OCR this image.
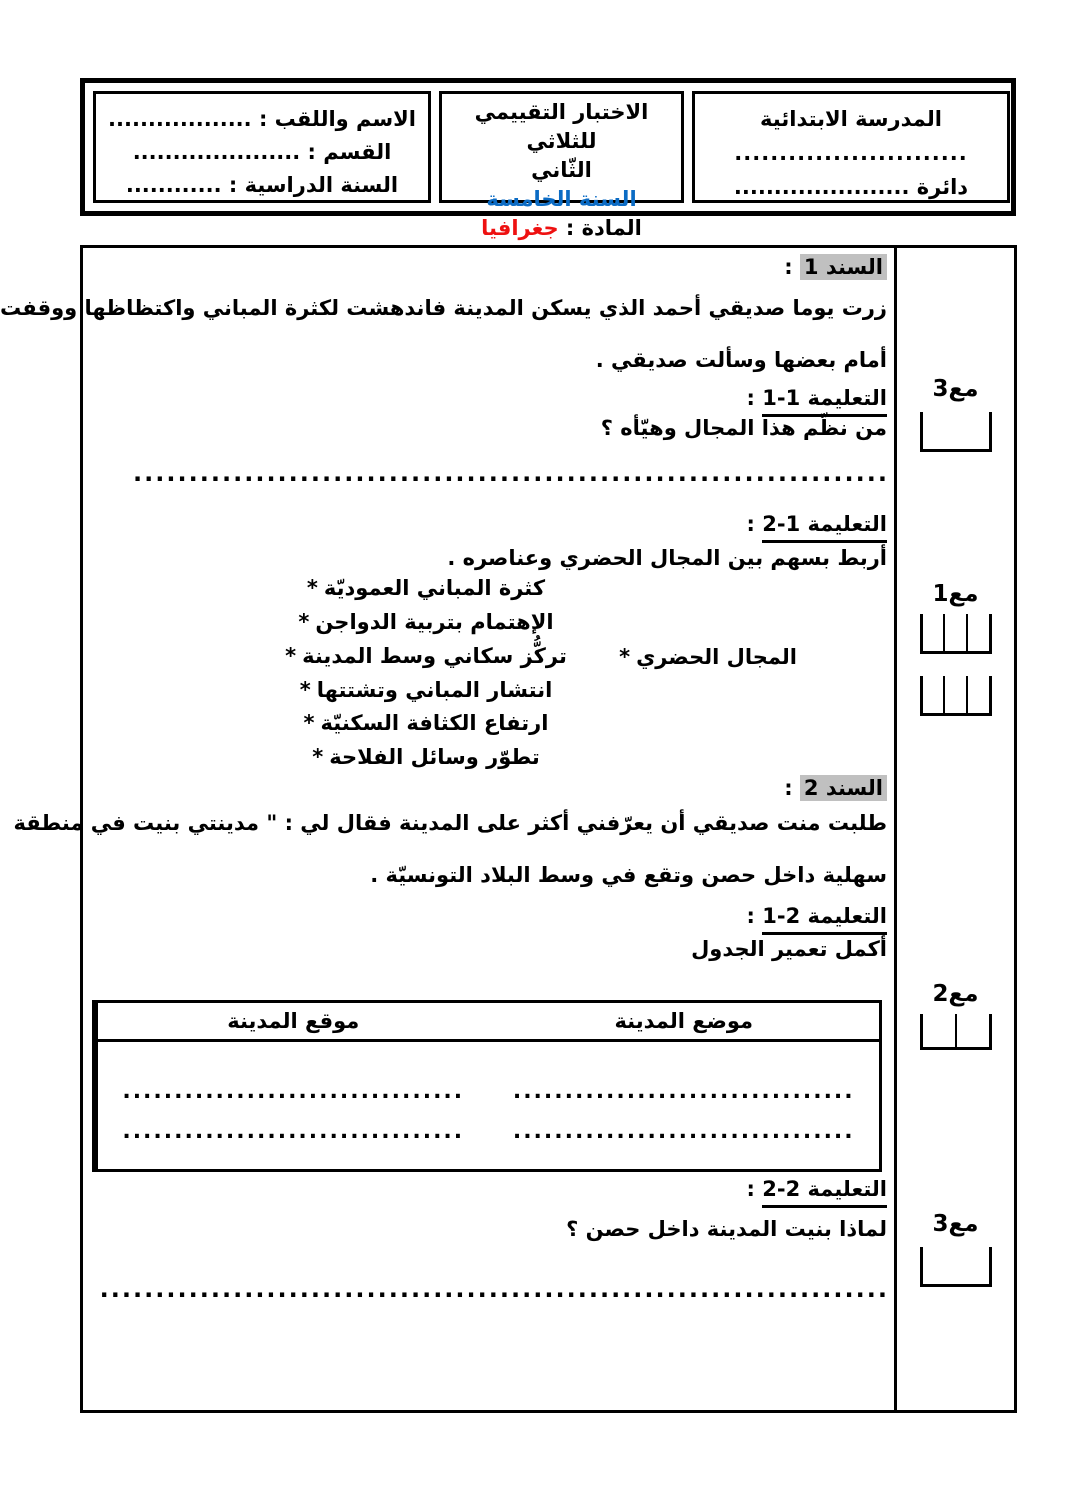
الاسم واللقب : ..................
القسم : .....................
السنة الدراسية : ............
الاختبار التقييمي للثلاثي
الثّاني
السنة الخامسة
المادة : جغرافيا
المدرسة الابتدائية
..........................
دائرة ......................
السند 1 :
زرت يوما صديقي أحمد الذي يسكن المدينة فاندهشت لكثرة المباني واكتظاظها ووقفت
أمام بعضها وسألت صديقي .
التعليمة 1-1 :
من نظّم هذا المجال وهيّأه ؟
....................................................................
التعليمة 1-2 :
أربط بسهم بين المجال الحضري وعناصره .
* كثرة المباني العموديّة
* الإهتمام بتربية الدواجن
* تركُّز سكاني وسط المدينة
* انتشار المباني وتشتتها
* ارتفاع الكثافة السكنيّة
* تطوّر وسائل الفلاحة
* المجال الحضري
السند 2 :
طلبت منت صديقي أن يعرّفني أكثر على المدينة فقال لي : " مدينتي بنيت في منطقة
سهلية داخل حصن وتقع في وسط البلاد التونسيّة .
التعليمة 2-1 :
أكمل تعمير الجدول
موضع المدينة
موقع المدينة
.................................
.................................
.................................
.................................
التعليمة 2-2 :
لماذا بنيت المدينة داخل حصن ؟
.......................................................................
مع3
مع1
مع2
مع3
